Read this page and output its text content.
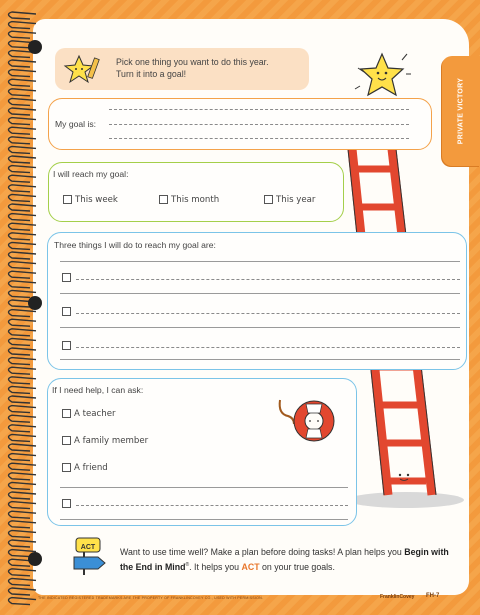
PRIVATE VICTORY
Pick one thing you want to do this year.
Turn it into a goal!
My goal is:
I will reach my goal:
This week	This month	This year
Three things I will do to reach my goal are:
If I need help, I can ask:
A teacher
A family member
A friend
ACT	Want to use time well? Make a plan before doing tasks! A plan helps you Begin with the End in Mind®. It helps you ACT on your true goals.
THE INDICATED REGISTERED TRADEMARKS ARE THE PROPERTY OF FRANKLINCOVEY CO., USED WITH PERMISSION.	FranklinCovey FH-7
